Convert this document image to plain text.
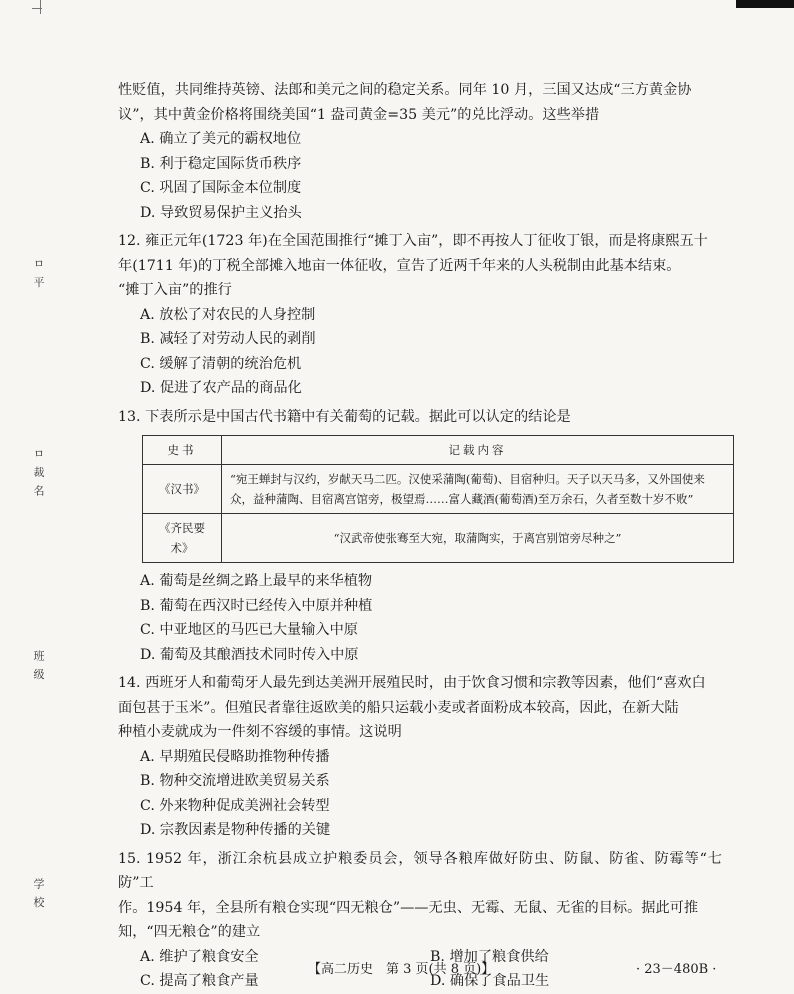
ㅁ 平
ㅁ 裁 名
班 级
学 校

性贬值，共同维持英镑、法郎和美元之间的稳定关系。同年 10 月，三国又达成“三方黄金协

议”，其中黄金价格将围绕美国“1 盎司黄金=35 美元”的兑比浮动。这些举措

A. 确立了美元的霸权地位

B. 利于稳定国际货币秩序

C. 巩固了国际金本位制度

D. 导致贸易保护主义抬头

12. 雍正元年(1723 年)在全国范围推行“摊丁入亩”，即不再按人丁征收丁银，而是将康熙五十

年(1711 年)的丁税全部摊入地亩一体征收，宣告了近两千年来的人头税制由此基本结束。

“摊丁入亩”的推行

A. 放松了对农民的人身控制

B. 减轻了对劳动人民的剥削

C. 缓解了清朝的统治危机

D. 促进了农产品的商品化

13. 下表所示是中国古代书籍中有关葡萄的记载。据此可以认定的结论是

史书	记载内容
《汉书》	“宛王蝉封与汉约，岁献天马二匹。汉使采蒲陶(葡萄)、目宿种归。天子以天马多，又外国使来众，益种蒲陶、目宿离宫馆旁，极望焉……富人藏酒(葡萄酒)至万余石，久者至数十岁不败”
《齐民要术》	“汉武帝使张骞至大宛，取蒲陶实，于离宫别馆旁尽种之”

A. 葡萄是丝绸之路上最早的来华植物

B. 葡萄在西汉时已经传入中原并种植

C. 中亚地区的马匹已大量输入中原

D. 葡萄及其酿酒技术同时传入中原

14. 西班牙人和葡萄牙人最先到达美洲开展殖民时，由于饮食习惯和宗教等因素，他们“喜欢白

面包甚于玉米”。但殖民者靠往返欧美的船只运载小麦或者面粉成本较高，因此，在新大陆

种植小麦就成为一件刻不容缓的事情。这说明

A. 早期殖民侵略助推物种传播

B. 物种交流增进欧美贸易关系

C. 外来物种促成美洲社会转型

D. 宗教因素是物种传播的关键

15. 1952 年，浙江余杭县成立护粮委员会，领导各粮库做好防虫、防鼠、防雀、防霉等“七防”工

作。1954 年，全县所有粮仓实现“四无粮仓”——无虫、无霉、无鼠、无雀的目标。据此可推

知，“四无粮仓”的建立

A. 维护了粮食安全	B. 增加了粮食供给
C. 提高了粮食产量	D. 确保了食品卫生
【高二历史　第 3 页(共 8 页)】	· 23－480B ·
